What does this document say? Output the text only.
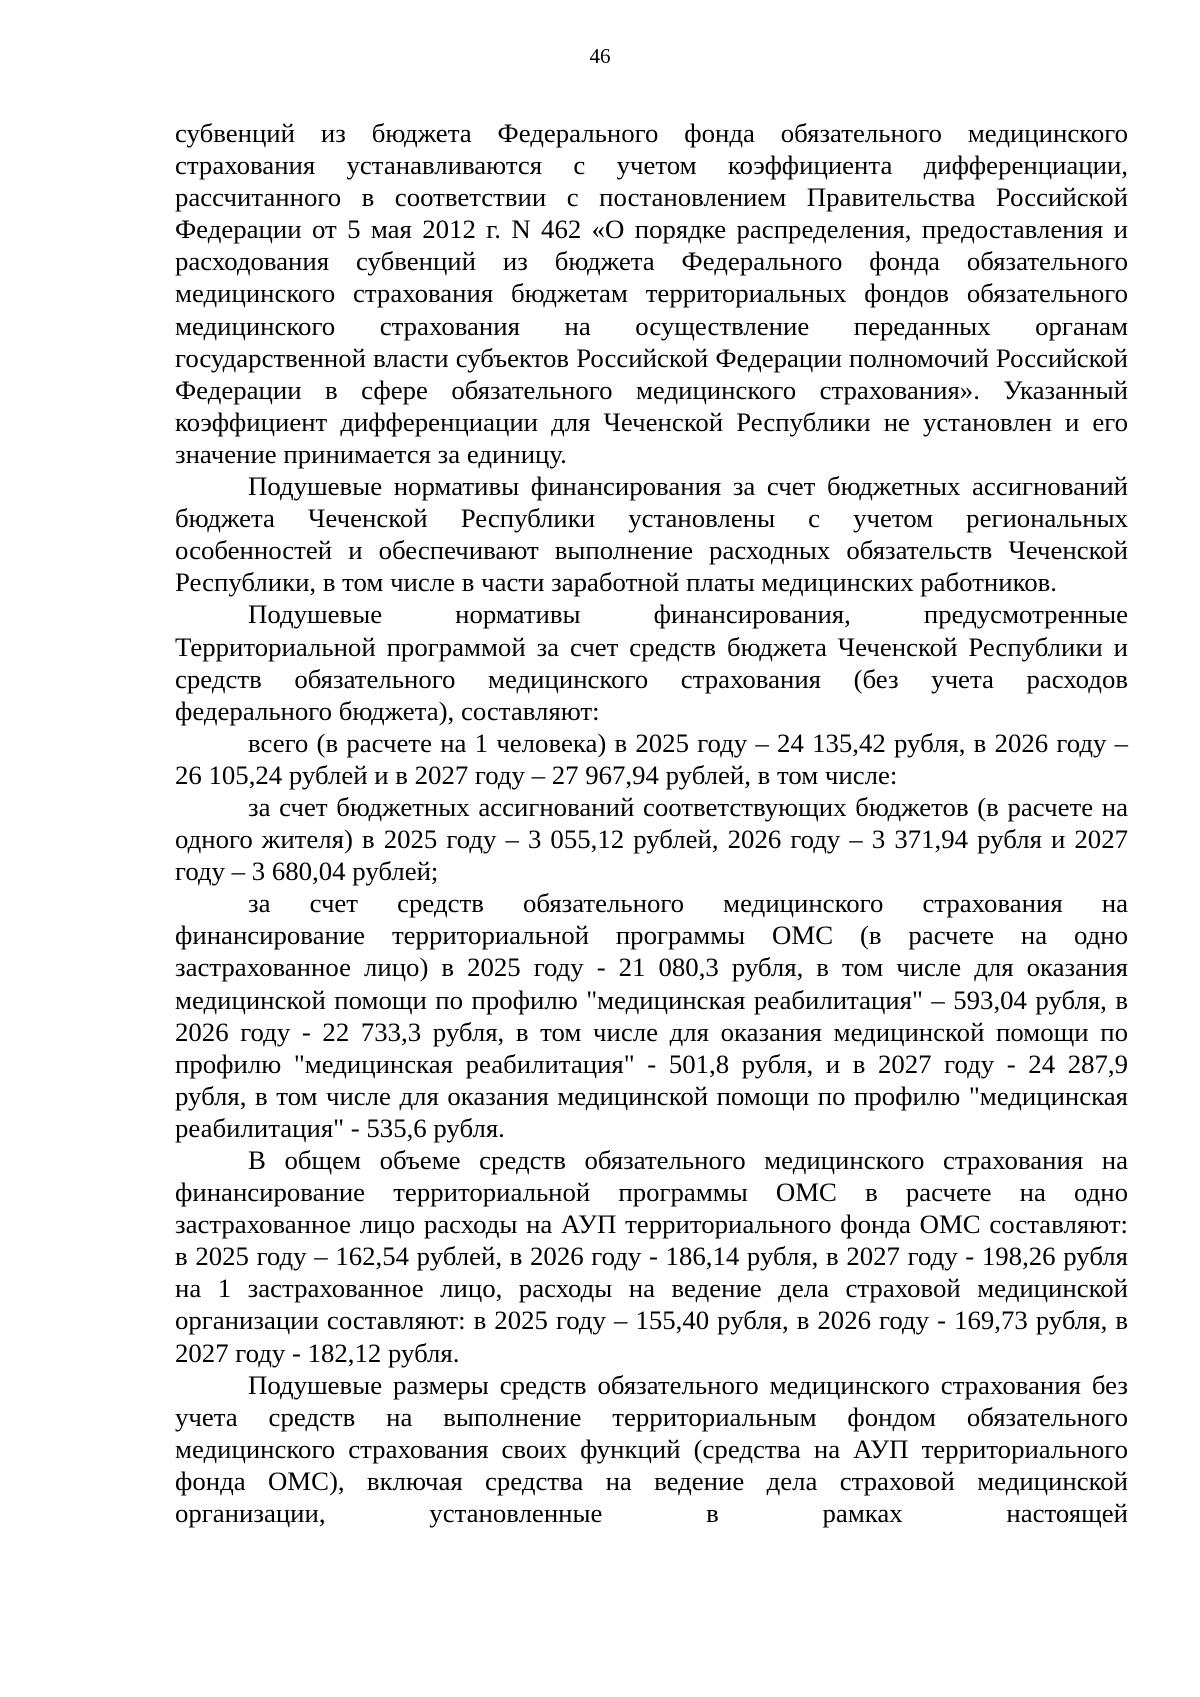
46

субвенций из бюджета Федерального фонда обязательного медицинского страхования устанавливаются с учетом коэффициента дифференциации, рассчитанного в соответствии с постановлением Правительства Российской Федерации от 5 мая 2012 г. N 462 «О порядке распределения, предоставления и расходования субвенций из бюджета Федерального фонда обязательного медицинского страхования бюджетам территориальных фондов обязательного медицинского страхования на осуществление переданных органам государственной власти субъектов Российской Федерации полномочий Российской Федерации в сфере обязательного медицинского страхования». Указанный коэффициент дифференциации для Чеченской Республики не установлен и его значение принимается за единицу.

Подушевые нормативы финансирования за счет бюджетных ассигнований бюджета Чеченской Республики установлены с учетом региональных особенностей и обеспечивают выполнение расходных обязательств Чеченской Республики, в том числе в части заработной платы медицинских работников.

Подушевые нормативы финансирования, предусмотренные Территориальной программой за счет средств бюджета Чеченской Республики и средств обязательного медицинского страхования (без учета расходов федерального бюджета), составляют:

всего (в расчете на 1 человека) в 2025 году – 24 135,42 рубля, в 2026 году – 26 105,24 рублей и в 2027 году – 27 967,94 рублей, в том числе:

за счет бюджетных ассигнований соответствующих бюджетов (в расчете на одного жителя) в 2025 году – 3 055,12 рублей, 2026 году – 3 371,94 рубля и 2027 году – 3 680,04 рублей;

за счет средств обязательного медицинского страхования на финансирование территориальной программы ОМС (в расчете на одно застрахованное лицо) в 2025 году - 21 080,3 рубля, в том числе для оказания медицинской помощи по профилю "медицинская реабилитация" – 593,04 рубля, в 2026 году - 22 733,3 рубля, в том числе для оказания медицинской помощи по профилю "медицинская реабилитация" - 501,8 рубля, и в 2027 году - 24 287,9 рубля, в том числе для оказания медицинской помощи по профилю "медицинская реабилитация" - 535,6 рубля.

В общем объеме средств обязательного медицинского страхования на финансирование территориальной программы ОМС в расчете на одно застрахованное лицо расходы на АУП территориального фонда ОМС составляют: в 2025 году – 162,54 рублей, в 2026 году - 186,14 рубля, в 2027 году - 198,26 рубля на 1 застрахованное лицо, расходы на ведение дела страховой медицинской организации составляют: в 2025 году – 155,40 рубля, в 2026 году - 169,73 рубля, в 2027 году - 182,12 рубля.

Подушевые размеры средств обязательного медицинского страхования без учета средств на выполнение территориальным фондом обязательного медицинского страхования своих функций (средства на АУП территориального фонда ОМС), включая средства на ведение дела страховой медицинской организации, установленные в рамках настоящей
